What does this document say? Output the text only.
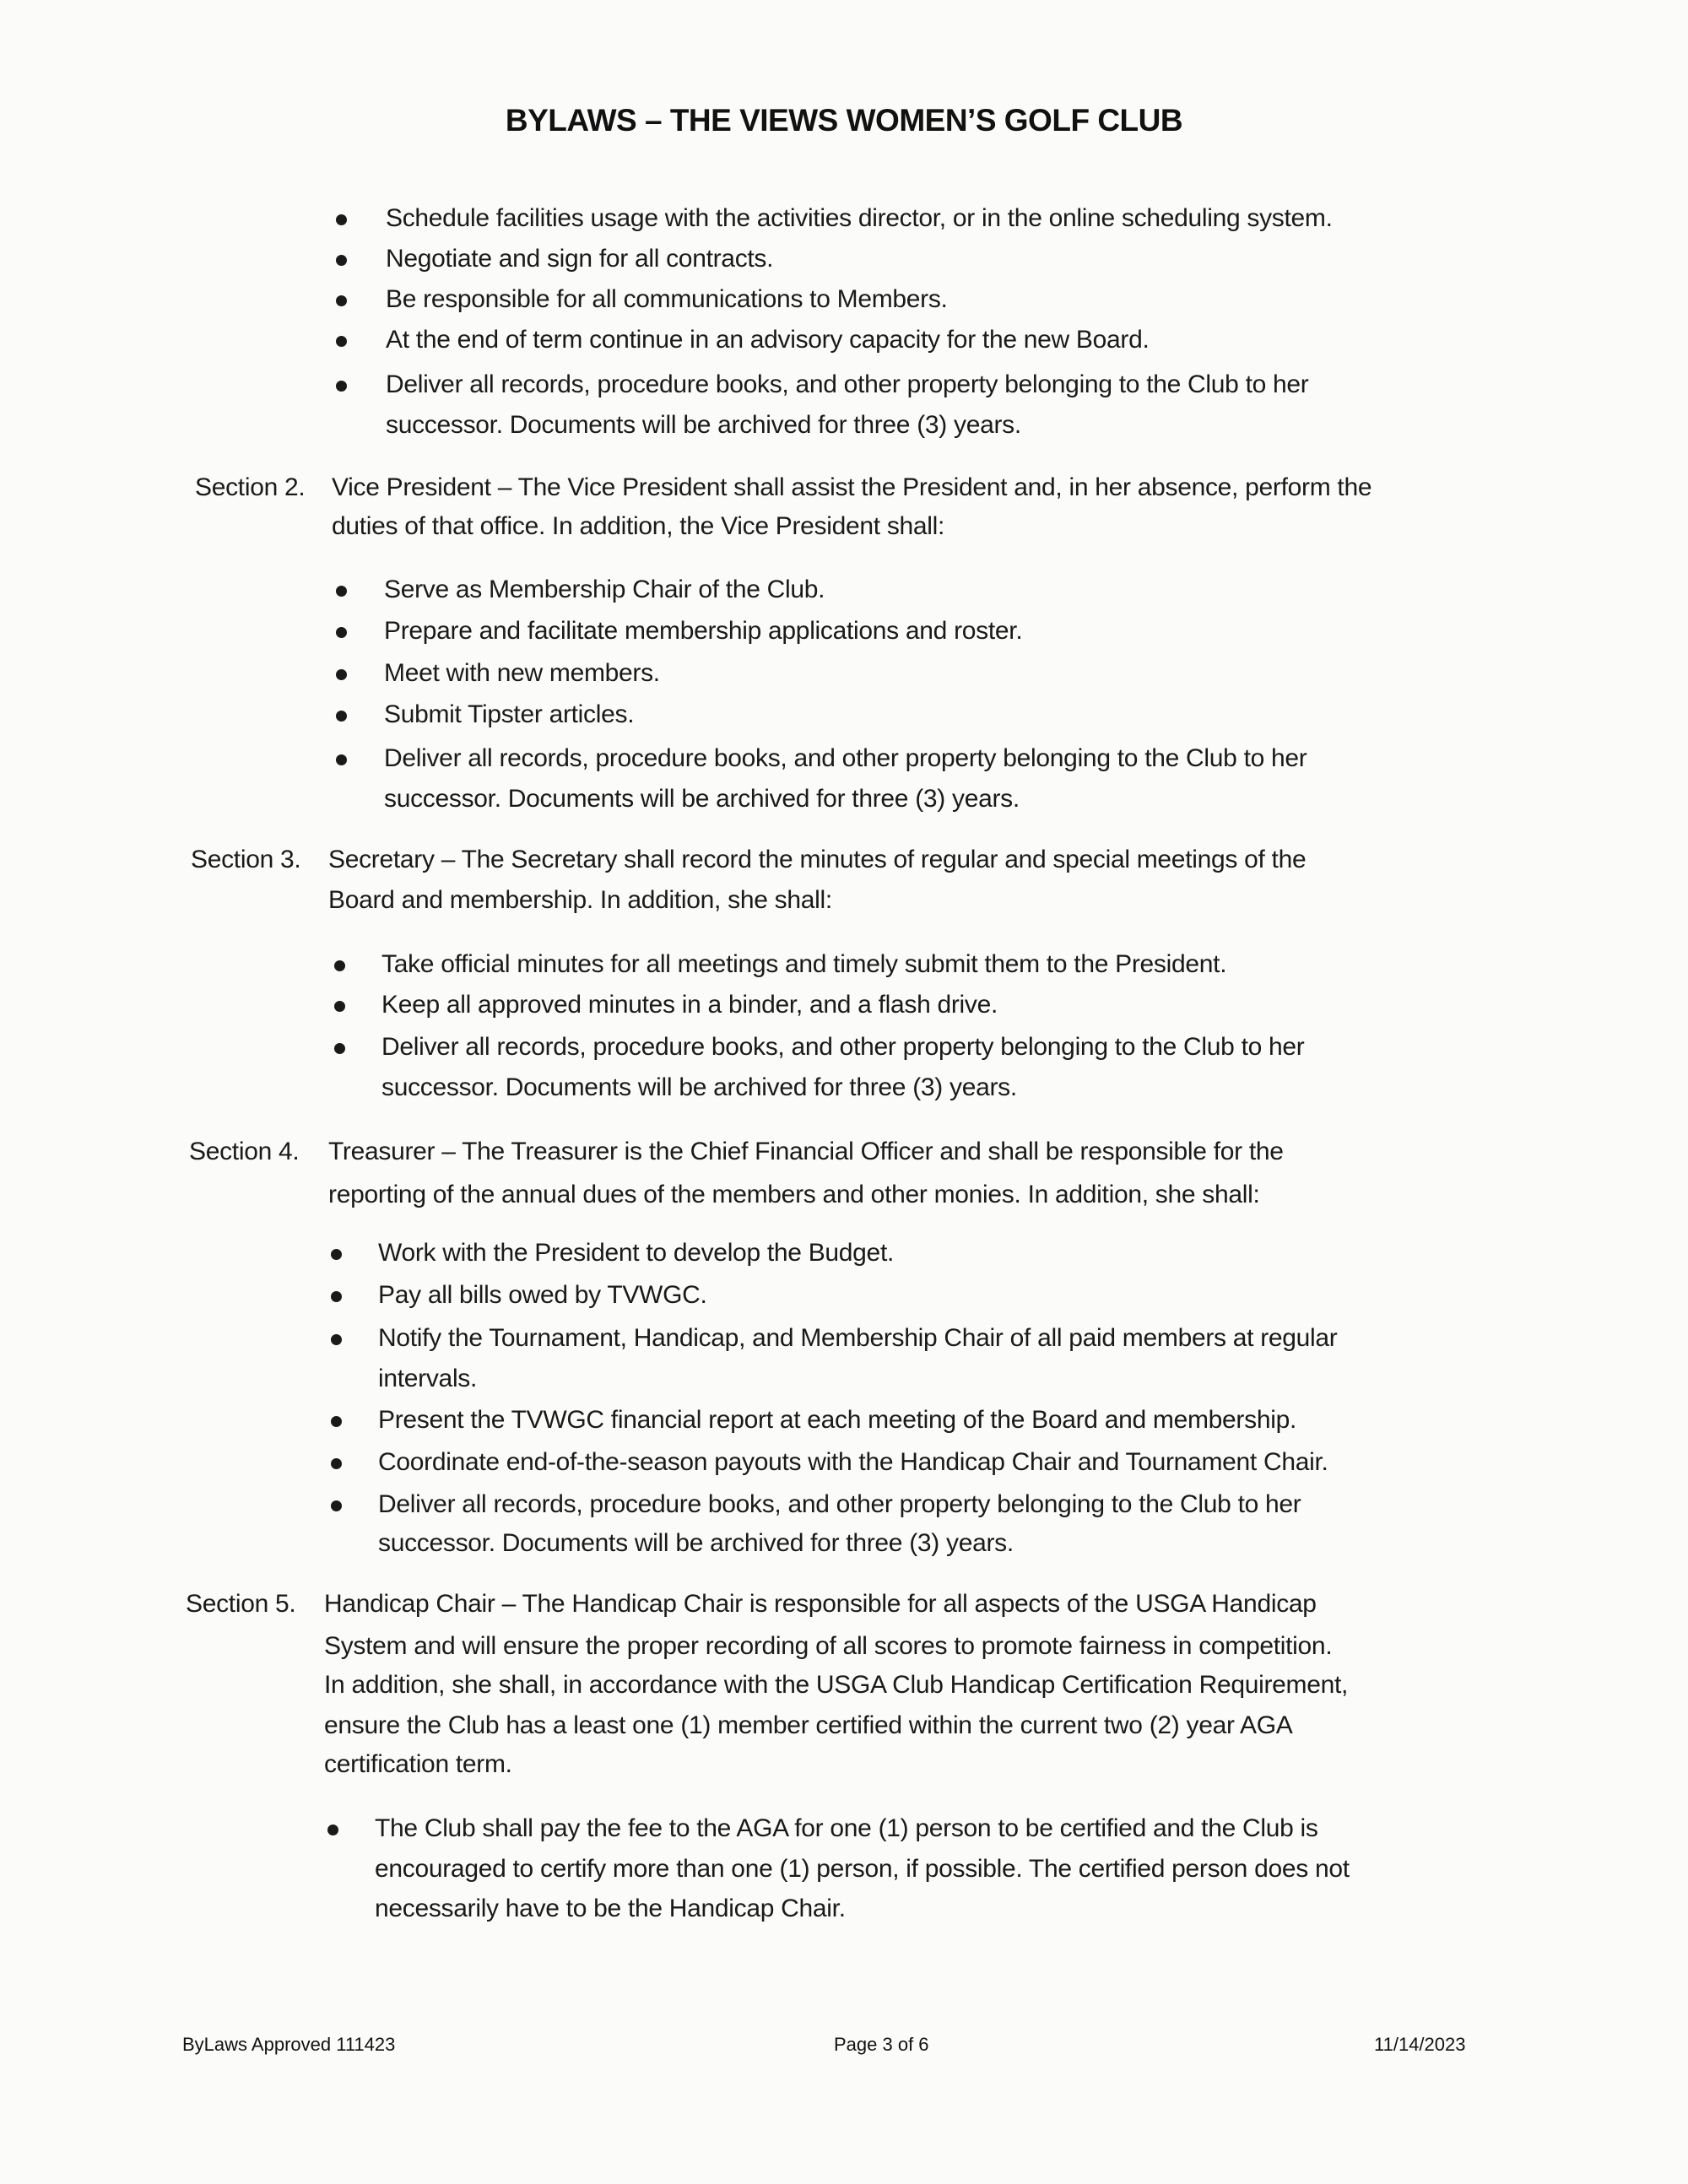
BYLAWS – THE VIEWS WOMEN’S GOLF CLUB
Schedule facilities usage with the activities director, or in the online scheduling system.
Negotiate and sign for all contracts.
Be responsible for all communications to Members.
At the end of term continue in an advisory capacity for the new Board.
Deliver all records, procedure books, and other property belonging to the Club to her
successor. Documents will be archived for three (3) years.
Section 2. Vice President – The Vice President shall assist the President and, in her absence, perform the
duties of that office. In addition, the Vice President shall:
Serve as Membership Chair of the Club.
Prepare and facilitate membership applications and roster.
Meet with new members.
Submit Tipster articles.
Deliver all records, procedure books, and other property belonging to the Club to her
successor. Documents will be archived for three (3) years.
Section 3. Secretary – The Secretary shall record the minutes of regular and special meetings of the
Board and membership. In addition, she shall:
Take official minutes for all meetings and timely submit them to the President.
Keep all approved minutes in a binder, and a flash drive.
Deliver all records, procedure books, and other property belonging to the Club to her
successor. Documents will be archived for three (3) years.
Section 4. Treasurer – The Treasurer is the Chief Financial Officer and shall be responsible for the
reporting of the annual dues of the members and other monies. In addition, she shall:
Work with the President to develop the Budget.
Pay all bills owed by TVWGC.
Notify the Tournament, Handicap, and Membership Chair of all paid members at regular
intervals.
Present the TVWGC financial report at each meeting of the Board and membership.
Coordinate end-of-the-season payouts with the Handicap Chair and Tournament Chair.
Deliver all records, procedure books, and other property belonging to the Club to her
successor. Documents will be archived for three (3) years.
Section 5. Handicap Chair – The Handicap Chair is responsible for all aspects of the USGA Handicap
System and will ensure the proper recording of all scores to promote fairness in competition.
In addition, she shall, in accordance with the USGA Club Handicap Certification Requirement,
ensure the Club has a least one (1) member certified within the current two (2) year AGA
certification term.
The Club shall pay the fee to the AGA for one (1) person to be certified and the Club is
encouraged to certify more than one (1) person, if possible. The certified person does not
necessarily have to be the Handicap Chair.
ByLaws Approved 111423	Page 3 of 6	11/14/2023
